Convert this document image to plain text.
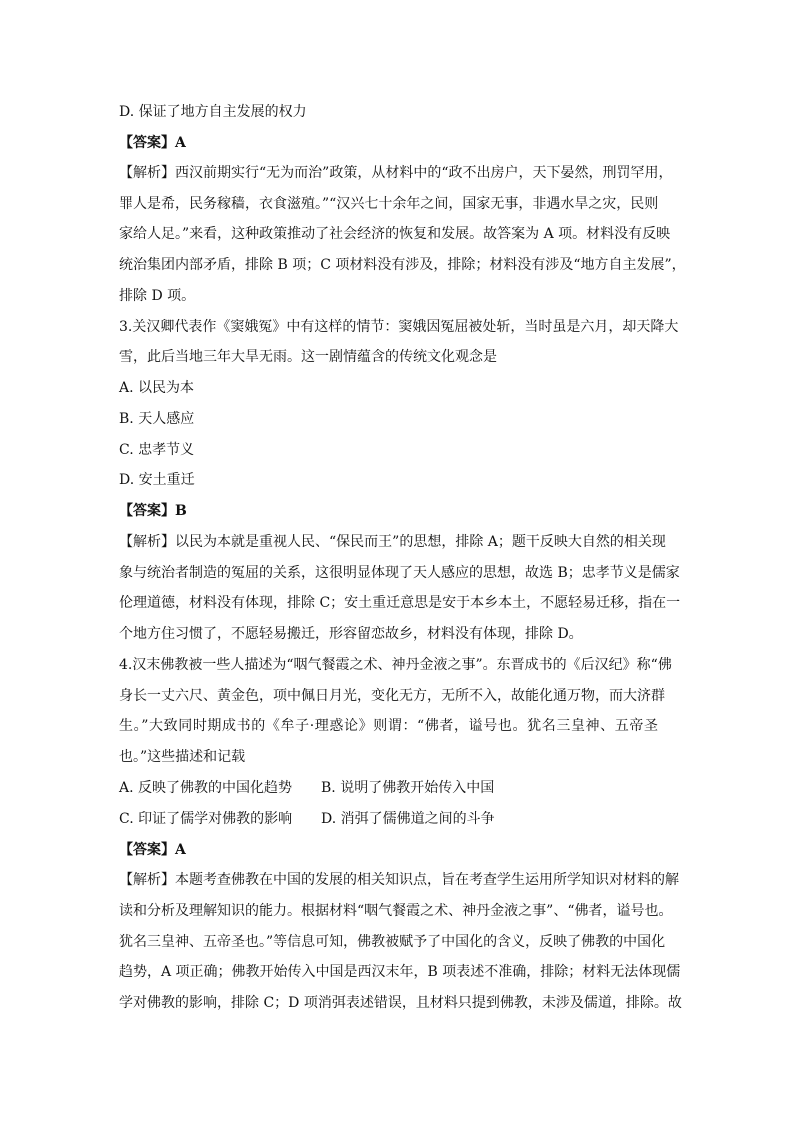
D. 保证了地方自主发展的权力
【答案】A
【解析】西汉前期实行“无为而治”政策，从材料中的“政不出房户，天下晏然，刑罚罕用，
罪人是希，民务稼穑，衣食滋殖。”“汉兴七十余年之间，国家无事，非遇水旱之灾，民则
家给人足。”来看，这种政策推动了社会经济的恢复和发展。故答案为 A 项。材料没有反映
统治集团内部矛盾，排除 B 项；C 项材料没有涉及，排除；材料没有涉及“地方自主发展”，
排除 D 项。
3.关汉卿代表作《窦娥冤》中有这样的情节：窦娥因冤屈被处斩，当时虽是六月，却天降大
雪，此后当地三年大旱无雨。这一剧情蕴含的传统文化观念是
A. 以民为本
B. 天人感应
C. 忠孝节义
D. 安土重迁
【答案】B
【解析】以民为本就是重视人民、“保民而王”的思想，排除 A；题干反映大自然的相关现
象与统治者制造的冤屈的关系，这很明显体现了天人感应的思想，故选 B；忠孝节义是儒家
伦理道德，材料没有体现，排除 C；安土重迁意思是安于本乡本土，不愿轻易迁移，指在一
个地方住习惯了，不愿轻易搬迁，形容留恋故乡，材料没有体现，排除 D。
4.汉末佛教被一些人描述为“咽气餐霞之术、神丹金液之事”。东晋成书的《后汉纪》称“佛
身长一丈六尺、黄金色，项中佩日月光，变化无方，无所不入，故能化通万物，而大济群
生。”大致同时期成书的《牟子·理惑论》则谓：“佛者，谥号也。犹名三皇神、五帝圣
也。”这些描述和记载
A. 反映了佛教的中国化趋势	B. 说明了佛教开始传入中国
C. 印证了儒学对佛教的影响	D. 消弭了儒佛道之间的斗争
【答案】A
【解析】本题考查佛教在中国的发展的相关知识点，旨在考查学生运用所学知识对材料的解
读和分析及理解知识的能力。根据材料“咽气餐霞之术、神丹金液之事”、“佛者，谥号也。
犹名三皇神、五帝圣也。”等信息可知，佛教被赋予了中国化的含义，反映了佛教的中国化
趋势，A 项正确；佛教开始传入中国是西汉末年，B 项表述不准确，排除；材料无法体现儒
学对佛教的影响，排除 C；D 项消弭表述错误，且材料只提到佛教，未涉及儒道，排除。故
